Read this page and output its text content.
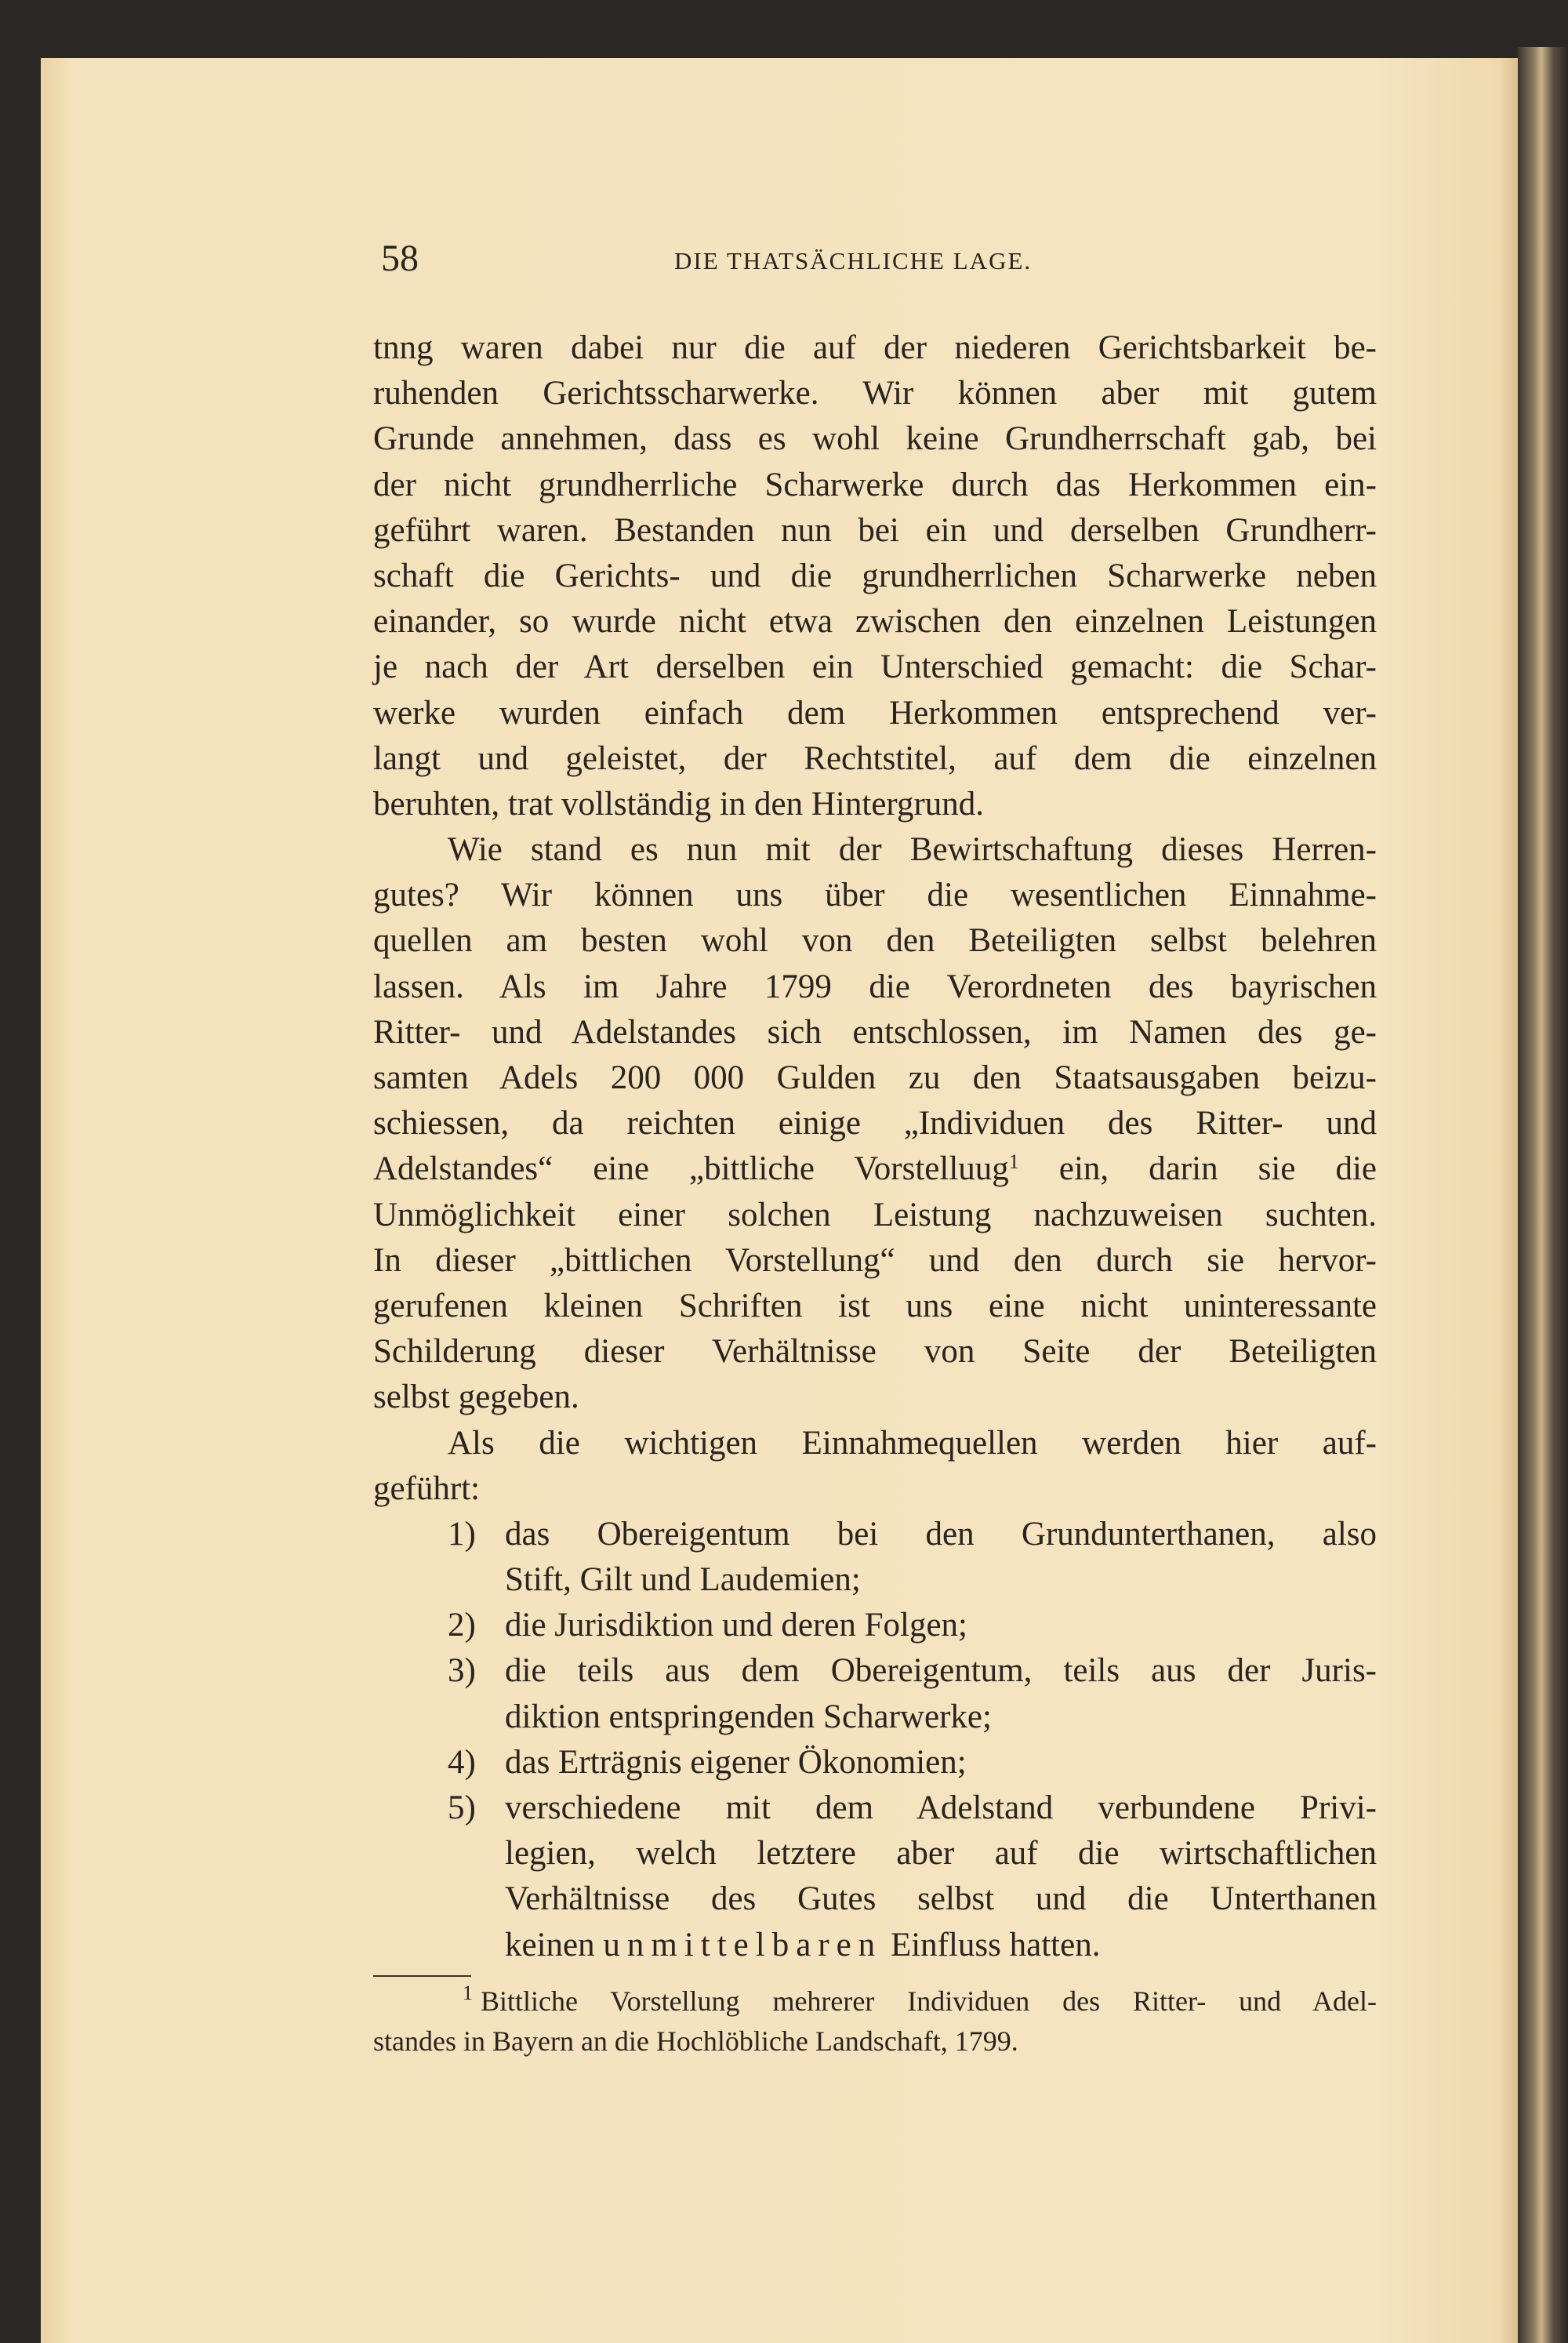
58	DIE THATSÄCHLICHE LAGE.
tnng waren dabei nur die auf der niederen Gerichtsbarkeit be-
ruhenden Gerichtsscharwerke. Wir können aber mit gutem
Grunde annehmen, dass es wohl keine Grundherrschaft gab, bei
der nicht grundherrliche Scharwerke durch das Herkommen ein-
geführt waren. Bestanden nun bei ein und derselben Grundherr-
schaft die Gerichts- und die grundherrlichen Scharwerke neben
einander, so wurde nicht etwa zwischen den einzelnen Leistungen
je nach der Art derselben ein Unterschied gemacht: die Schar-
werke wurden einfach dem Herkommen entsprechend ver-
langt und geleistet, der Rechtstitel, auf dem die einzelnen
beruhten, trat vollständig in den Hintergrund.
Wie stand es nun mit der Bewirtschaftung dieses Herren-
gutes? Wir können uns über die wesentlichen Einnahme-
quellen am besten wohl von den Beteiligten selbst belehren
lassen. Als im Jahre 1799 die Verordneten des bayrischen
Ritter- und Adelstandes sich entschlossen, im Namen des ge-
samten Adels 200 000 Gulden zu den Staatsausgaben beizu-
schiessen, da reichten einige „Individuen des Ritter- und
Adelstandes“ eine „bittliche Vorstelluug$^1$ ein, darin sie die
Unmöglichkeit einer solchen Leistung nachzuweisen suchten.
In dieser „bittlichen Vorstellung“ und den durch sie hervor-
gerufenen kleinen Schriften ist uns eine nicht uninteressante
Schilderung dieser Verhältnisse von Seite der Beteiligten
selbst gegeben.
Als die wichtigen Einnahmequellen werden hier auf-
geführt:
1) das Obereigentum bei den Grundunterthanen, also
Stift, Gilt und Laudemien;
2) die Jurisdiktion und deren Folgen;
3) die teils aus dem Obereigentum, teils aus der Juris-
diktion entspringenden Scharwerke;
4) das Erträgnis eigener Ökonomien;
5) verschiedene mit dem Adelstand verbundene Privi-
legien, welch letztere aber auf die wirtschaftlichen
Verhältnisse des Gutes selbst und die Unterthanen
keinen unmittelbaren Einfluss hatten.
$^1$ Bittliche Vorstellung mehrerer Individuen des Ritter- und Adel-
standes in Bayern an die Hochlöbliche Landschaft, 1799.
